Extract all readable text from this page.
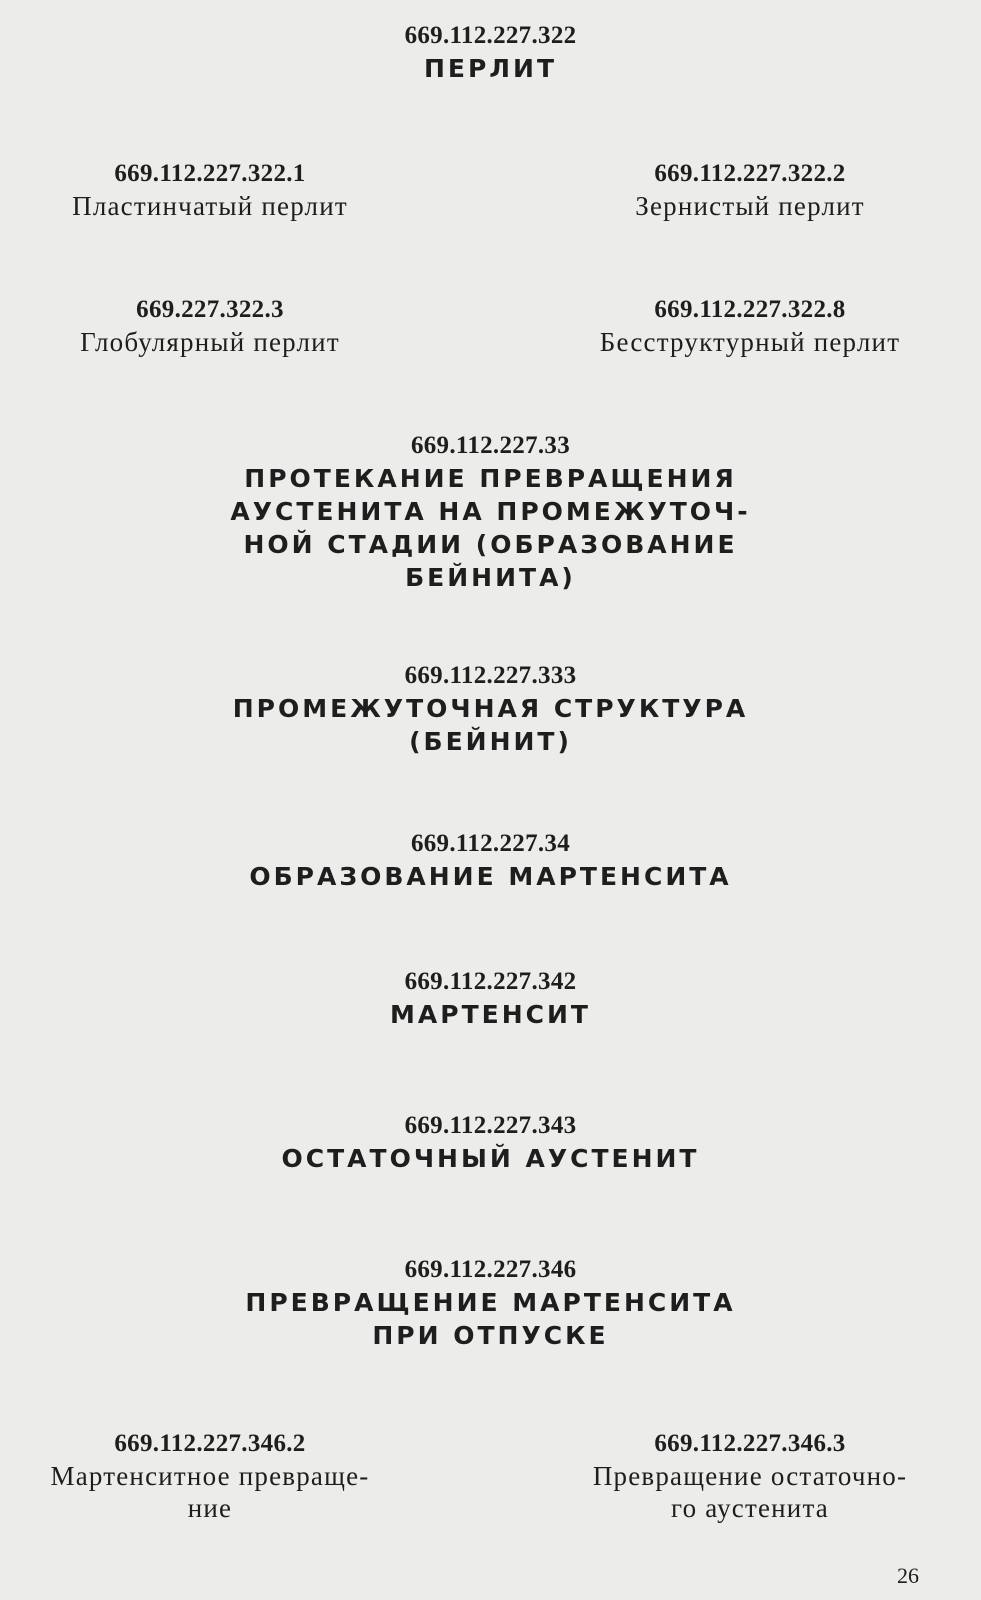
669.112.227.322
ПЕРЛИТ
669.112.227.322.1
Пластинчатый перлит
669.112.227.322.2
Зернистый перлит
669.227.322.3
Глобулярный перлит
669.112.227.322.8
Бесструктурный перлит
669.112.227.33
ПРОТЕКАНИЕ ПРЕВРАЩЕНИЯ
АУСТЕНИТА НА ПРОМЕЖУТОЧ-
НОЙ СТАДИИ (ОБРАЗОВАНИЕ
БЕЙНИТА)
669.112.227.333
ПРОМЕЖУТОЧНАЯ СТРУКТУРА
(БЕЙНИТ)
669.112.227.34
ОБРАЗОВАНИЕ МАРТЕНСИТА
669.112.227.342
МАРТЕНСИТ
669.112.227.343
ОСТАТОЧНЫЙ АУСТЕНИТ
669.112.227.346
ПРЕВРАЩЕНИЕ МАРТЕНСИТА
ПРИ ОТПУСКЕ
669.112.227.346.2
Мартенситное превраще-
ние
669.112.227.346.3
Превращение остаточно-
го аустенита
26
